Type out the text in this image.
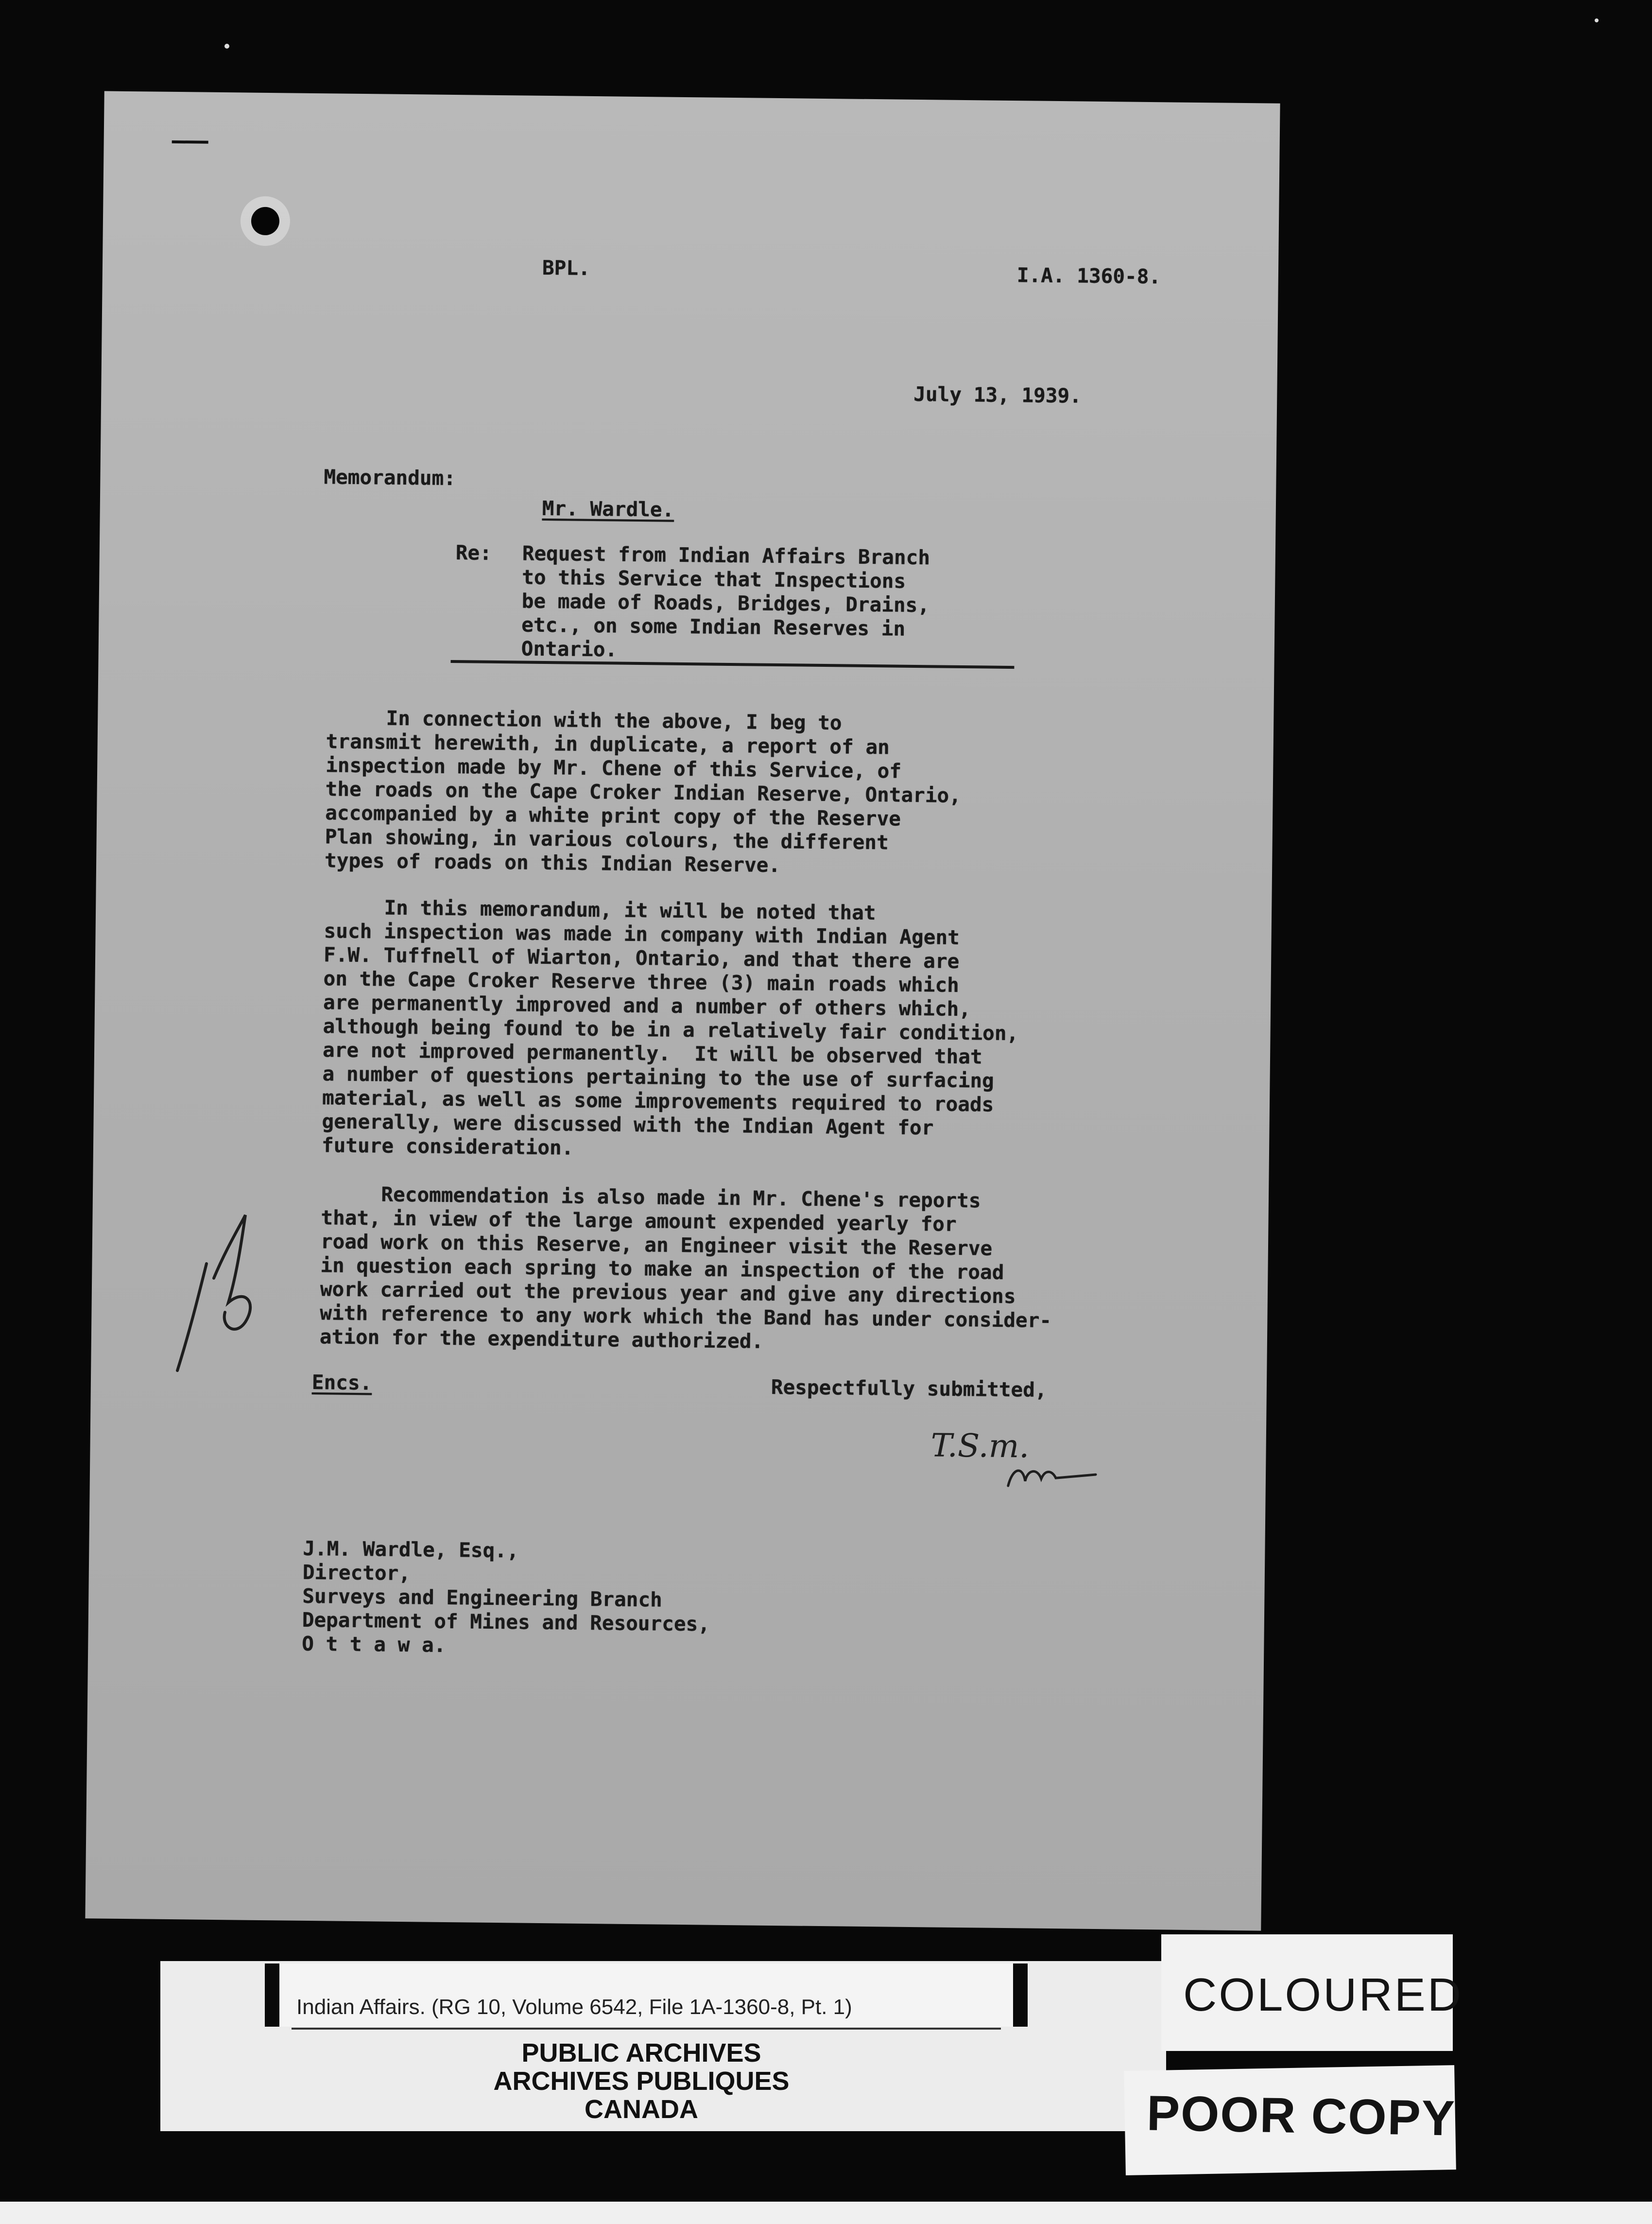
BPL.	I.A. 1360-8.
July 13, 1939.
Memorandum:
Mr. Wardle.
Re: Request from Indian Affairs Branch
to this Service that Inspections
be made of Roads, Bridges, Drains,
etc., on some Indian Reserves in
Ontario.
In connection with the above, I beg to
transmit herewith, in duplicate, a report of an
inspection made by Mr. Chene of this Service, of
the roads on the Cape Croker Indian Reserve, Ontario,
accompanied by a white print copy of the Reserve
Plan showing, in various colours, the different
types of roads on this Indian Reserve.
In this memorandum, it will be noted that
such inspection was made in company with Indian Agent
F.W. Tuffnell of Wiarton, Ontario, and that there are
on the Cape Croker Reserve three (3) main roads which
are permanently improved and a number of others which,
although being found to be in a relatively fair condition,
are not improved permanently.  It will be observed that
a number of questions pertaining to the use of surfacing
material, as well as some improvements required to roads
generally, were discussed with the Indian Agent for
future consideration.
Recommendation is also made in Mr. Chene's reports
that, in view of the large amount expended yearly for
road work on this Reserve, an Engineer visit the Reserve
in question each spring to make an inspection of the road
work carried out the previous year and give any directions
with reference to any work which the Band has under consider-
ation for the expenditure authorized.
Encs.	Respectfully submitted,
T.S.m.
J.M. Wardle, Esq.,
Director,
Surveys and Engineering Branch
Department of Mines and Resources,
O t t a w a.
Indian Affairs. (RG 10, Volume 6542, File 1A-1360-8, Pt. 1)
PUBLIC ARCHIVES
ARCHIVES PUBLIQUES
CANADA
COLOURED
POOR COPY
